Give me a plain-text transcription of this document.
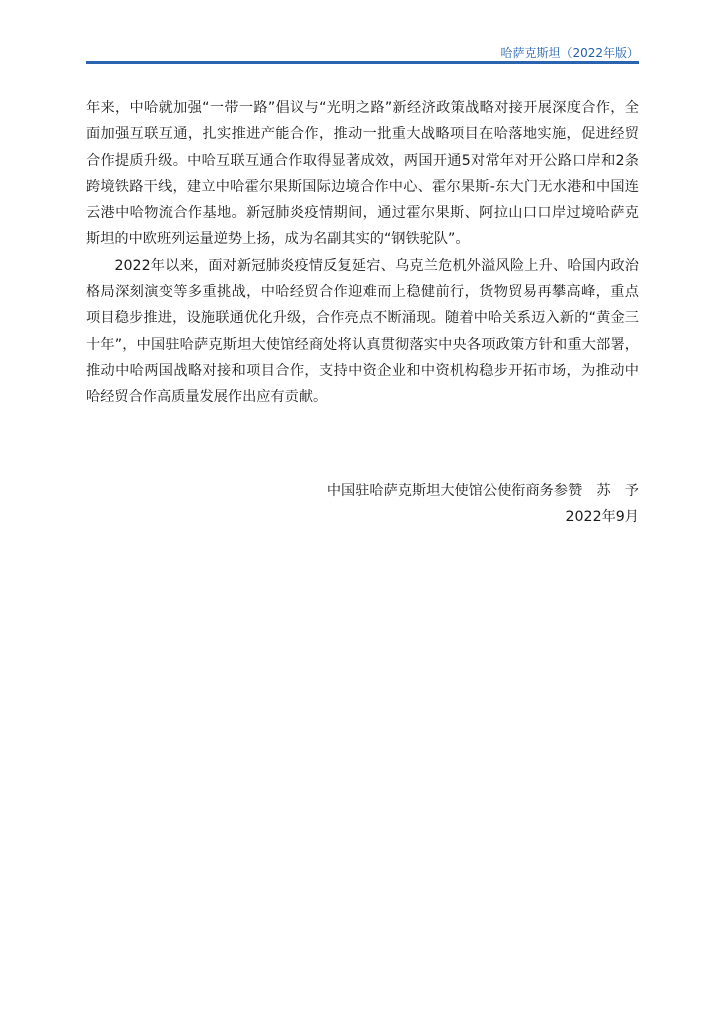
哈萨克斯坦（2022年版）

年来，中哈就加强“一带一路”倡议与“光明之路”新经济政策战略对接开展深度合作，全面加强互联互通，扎实推进产能合作，推动一批重大战略项目在哈落地实施，促进经贸合作提质升级。中哈互联互通合作取得显著成效，两国开通5对常年对开公路口岸和2条跨境铁路干线，建立中哈霍尔果斯国际边境合作中心、霍尔果斯-东大门无水港和中国连云港中哈物流合作基地。新冠肺炎疫情期间，通过霍尔果斯、阿拉山口口岸过境哈萨克斯坦的中欧班列运量逆势上扬，成为名副其实的“钢铁驼队”。

2022年以来，面对新冠肺炎疫情反复延宕、乌克兰危机外溢风险上升、哈国内政治格局深刻演变等多重挑战，中哈经贸合作迎难而上稳健前行，货物贸易再攀高峰，重点项目稳步推进，设施联通优化升级，合作亮点不断涌现。随着中哈关系迈入新的“黄金三十年”，中国驻哈萨克斯坦大使馆经商处将认真贯彻落实中央各项政策方针和重大部署，推动中哈两国战略对接和项目合作，支持中资企业和中资机构稳步开拓市场，为推动中哈经贸合作高质量发展作出应有贡献。

中国驻哈萨克斯坦大使馆公使衔商务参赞　苏　予
2022年9月
